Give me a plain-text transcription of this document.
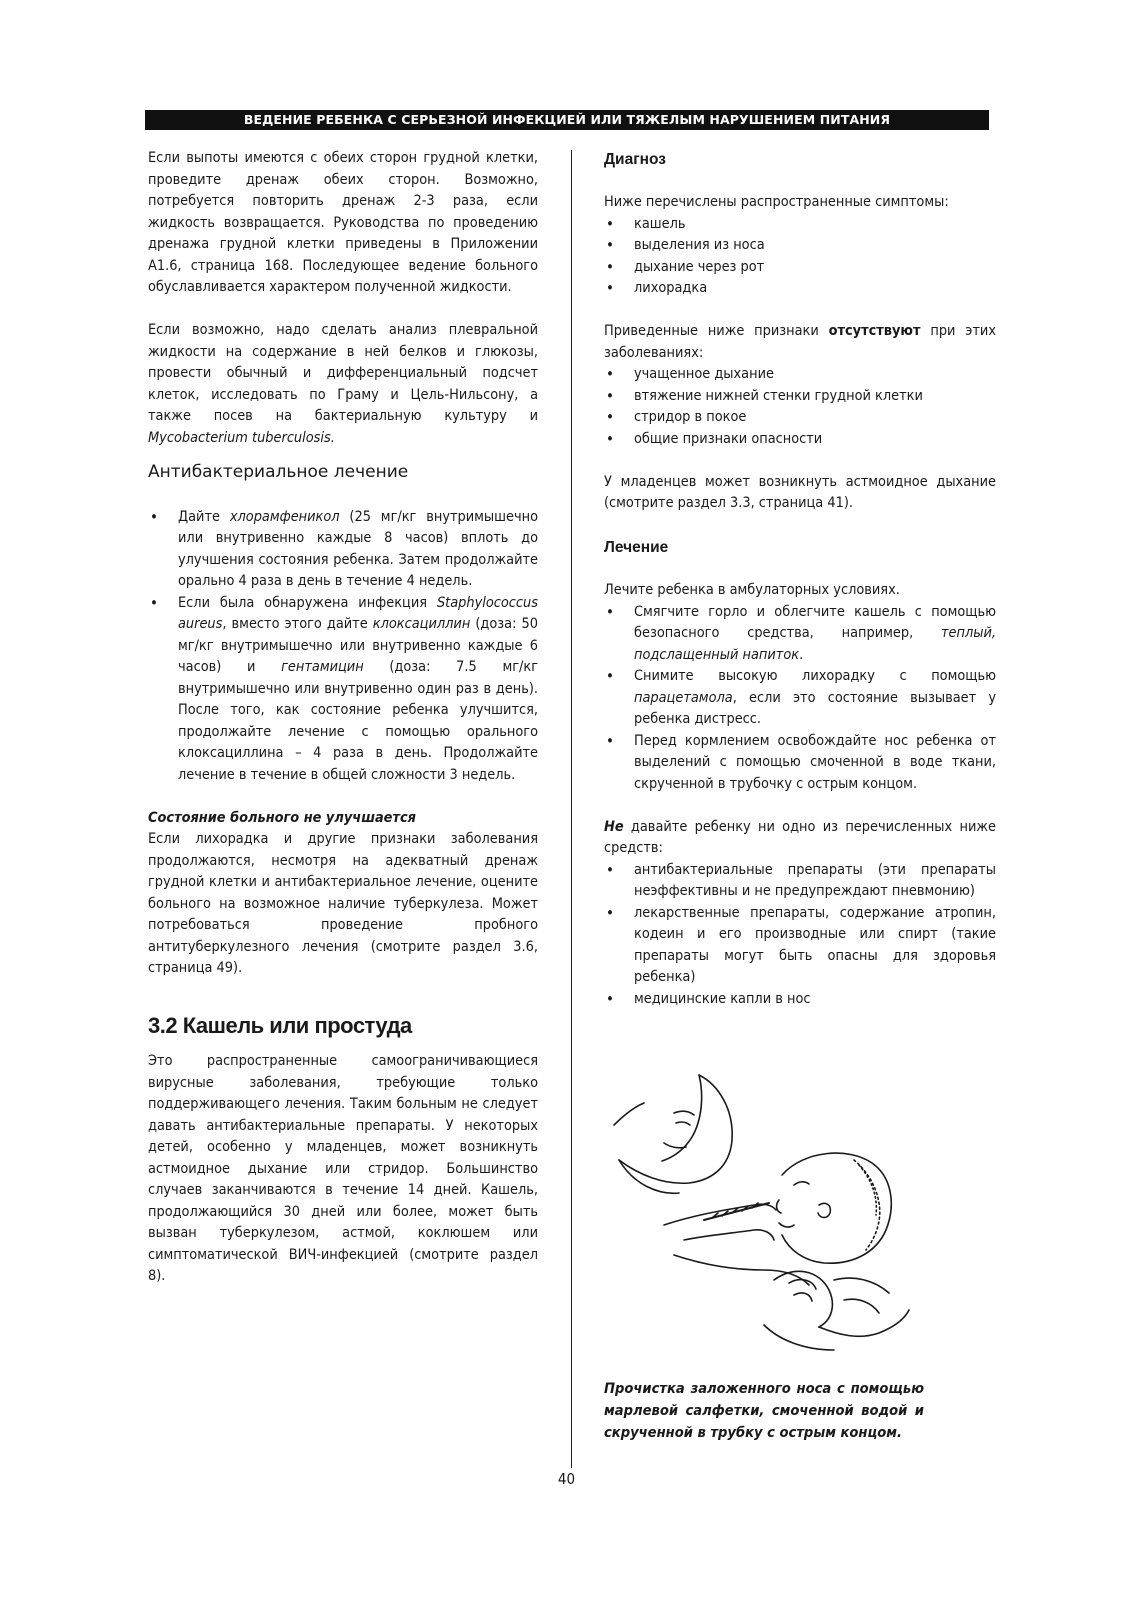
ВЕДЕНИЕ РЕБЕНКА С СЕРЬЕЗНОЙ ИНФЕКЦИЕЙ ИЛИ ТЯЖЕЛЫМ НАРУШЕНИЕМ ПИТАНИЯ

Если выпоты имеются с обеих сторон грудной клетки, проведите дренаж обеих сторон. Возможно, потребуется повторить дренаж 2-3 раза, если жидкость возвращается. Руководства по проведению дренажа грудной клетки приведены в Приложении А1.6, страница 168. Последующее ведение больного обуславливается характером полученной жидкости.

Если возможно, надо сделать анализ плевральной жидкости на содержание в ней белков и глюкозы, провести обычный и дифференциальный подсчет клеток, исследовать по Граму и Цель-Нильсону, а также посев на бактериальную культуру и Mycobacterium tuberculosis.

Антибактериальное лечение
• Дайте хлорамфеникол (25 мг/кг внутримышечно или внутривенно каждые 8 часов) вплоть до улучшения состояния ребенка. Затем продолжайте орально 4 раза в день в течение 4 недель.
• Если была обнаружена инфекция Staphylococcus aureus, вместо этого дайте клоксациллин (доза: 50 мг/кг внутримышечно или внутривенно каждые 6 часов) и гентамицин (доза: 7.5 мг/кг внутримышечно или внутривенно один раз в день). После того, как состояние ребенка улучшится, продолжайте лечение с помощью орального клоксациллина – 4 раза в день. Продолжайте лечение в течение в общей сложности 3 недель.

Состояние больного не улучшается

Если лихорадка и другие признаки заболевания продолжаются, несмотря на адекватный дренаж грудной клетки и антибактериальное лечение, оцените больного на возможное наличие туберкулеза. Может потребоваться проведение пробного антитуберкулезного лечения (смотрите раздел 3.6, страница 49).

3.2 Кашель или простуда

Это распространенные самоограничивающиеся вирусные заболевания, требующие только поддерживающего лечения. Таким больным не следует давать антибактериальные препараты. У некоторых детей, особенно у младенцев, может возникнуть астмоидное дыхание или стридор. Большинство случаев заканчиваются в течение 14 дней. Кашель, продолжающийся 30 дней или более, может быть вызван туберкулезом, астмой, коклюшем или симптоматической ВИЧ-инфекцией (смотрите раздел 8).

Диагноз

Ниже перечислены распространенные симптомы:

• кашель
• выделения из носа
• дыхание через рот
• лихорадка

Приведенные ниже признаки отсутствуют при этих заболеваниях:

• учащенное дыхание
• втяжение нижней стенки грудной клетки
• стридор в покое
• общие признаки опасности

У младенцев может возникнуть астмоидное дыхание (смотрите раздел 3.3, страница 41).

Лечение

Лечите ребенка в амбулаторных условиях.

• Смягчите горло и облегчите кашель с помощью безопасного средства, например, теплый, подслащенный напиток.
• Снимите высокую лихорадку с помощью парацетамола, если это состояние вызывает у ребенка дистресс.
• Перед кормлением освобождайте нос ребенка от выделений с помощью смоченной в воде ткани, скрученной в трубочку с острым концом.

Не давайте ребенку ни одно из перечисленных ниже средств:

• антибактериальные препараты (эти препараты неэффективны и не предупреждают пневмонию)
• лекарственные препараты, содержание атропин, кодеин и его производные или спирт (такие препараты могут быть опасны для здоровья ребенка)
• медицинские капли в нос

Прочистка заложенного носа с помощью марлевой салфетки, смоченной водой и скрученной в трубку с острым концом.

40
